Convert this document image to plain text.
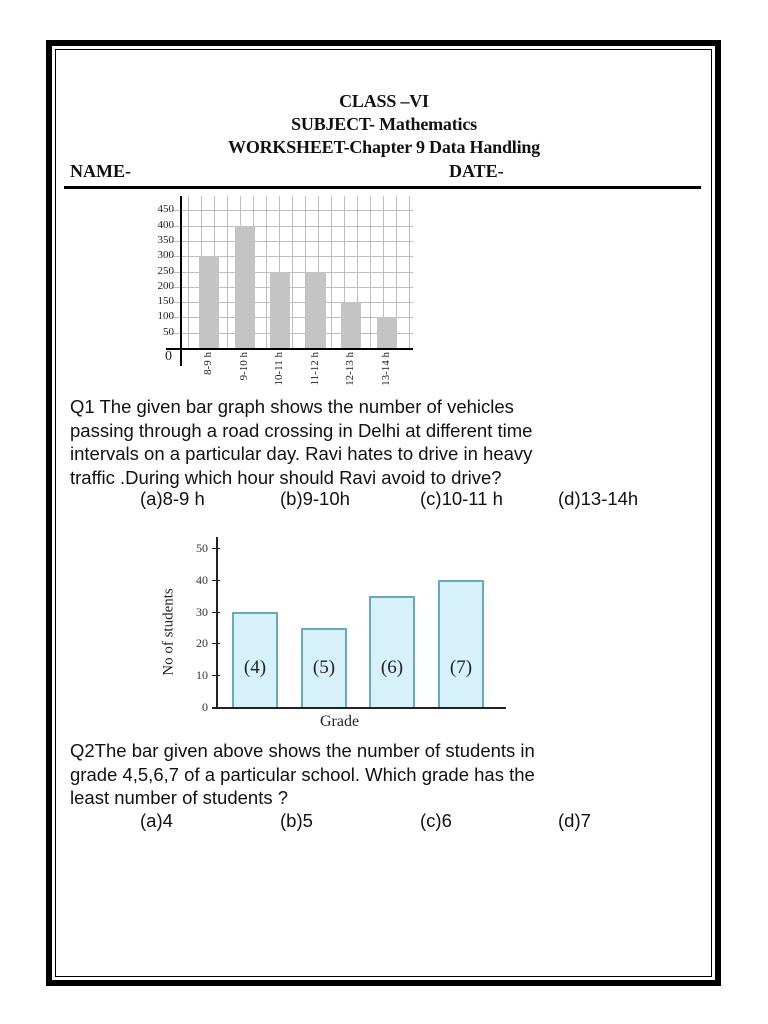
CLASS –VI
SUBJECT- Mathematics
WORKSHEET-Chapter 9 Data Handling
NAME-	DATE-
8-9 h 9-10 h 10-11 h 11-12 h 12-13 h 13-14 h
450
400
350
300
250
200
150
100
50
0
Q1 The given bar graph shows the number of vehicles
passing through a road crossing in Delhi at different time
intervals on a particular day. Ravi hates to drive in heavy
traffic .During which hour should Ravi avoid to drive?
(a)8-9 h	(b)9-10h	(c)10-11 h	(d)13-14h
50
40
30
20
10
0
(4)	(5)	(6)	(7)
No of students
Grade
Q2The bar given above shows the number of students in
grade 4,5,6,7 of a particular school. Which grade has the
least number of students ?
(a)4	(b)5	(c)6	(d)7
